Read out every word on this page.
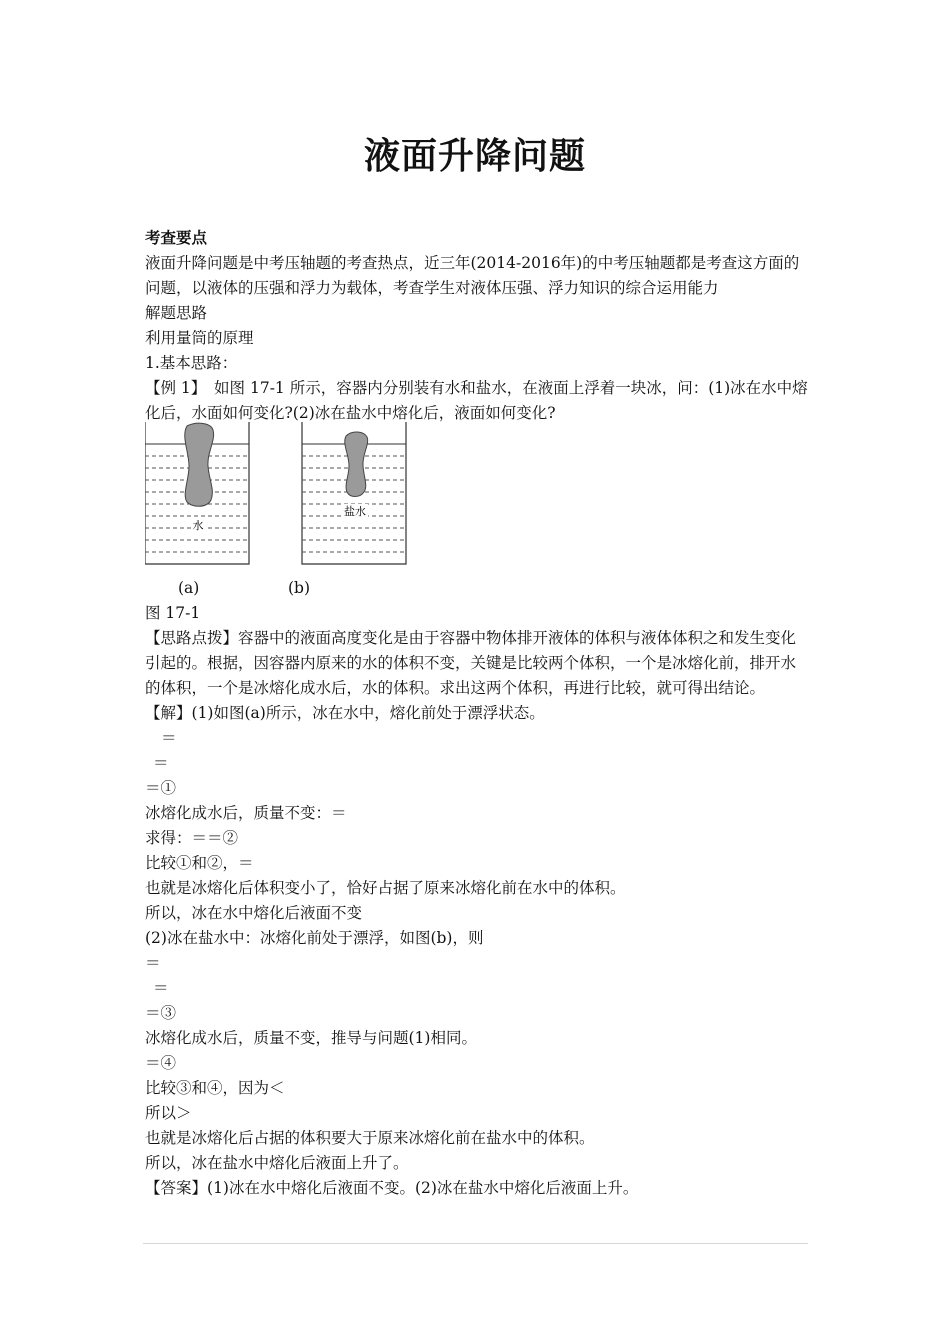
液面升降问题

考查要点

液面升降问题是中考压轴题的考查热点，近三年(2014-2016年)的中考压轴题都是考查这方面的问题，以液体的压强和浮力为载体，考查学生对液体压强、浮力知识的综合运用能力

解题思路

利用量筒的原理

1.基本思路：

【例 1】　如图 17-1 所示，容器内分别装有水和盐水，在液面上浮着一块冰，问：(1)冰在水中熔化后，水面如何变化?(2)冰在盐水中熔化后，液面如何变化?

水
盐水
(a)	(b)

图 17-1

【思路点拨】容器中的液面高度变化是由于容器中物体排开液体的体积与液体体积之和发生变化引起的。根据，因容器内原来的水的体积不变，关键是比较两个体积，一个是冰熔化前，排开水的体积，一个是冰熔化成水后，水的体积。求出这两个体积，再进行比较，就可得出结论。

【解】(1)如图(a)所示，冰在水中，熔化前处于漂浮状态。

＝

＝

＝①

冰熔化成水后，质量不变：＝

求得：＝＝②

比较①和②，＝

也就是冰熔化后体积变小了，恰好占据了原来冰熔化前在水中的体积。

所以，冰在水中熔化后液面不变

(2)冰在盐水中：冰熔化前处于漂浮，如图(b)，则

＝

＝

＝③

冰熔化成水后，质量不变，推导与问题(1)相同。

＝④

比较③和④，因为＜

所以＞

也就是冰熔化后占据的体积要大于原来冰熔化前在盐水中的体积。

所以，冰在盐水中熔化后液面上升了。

【答案】(1)冰在水中熔化后液面不变。(2)冰在盐水中熔化后液面上升。
